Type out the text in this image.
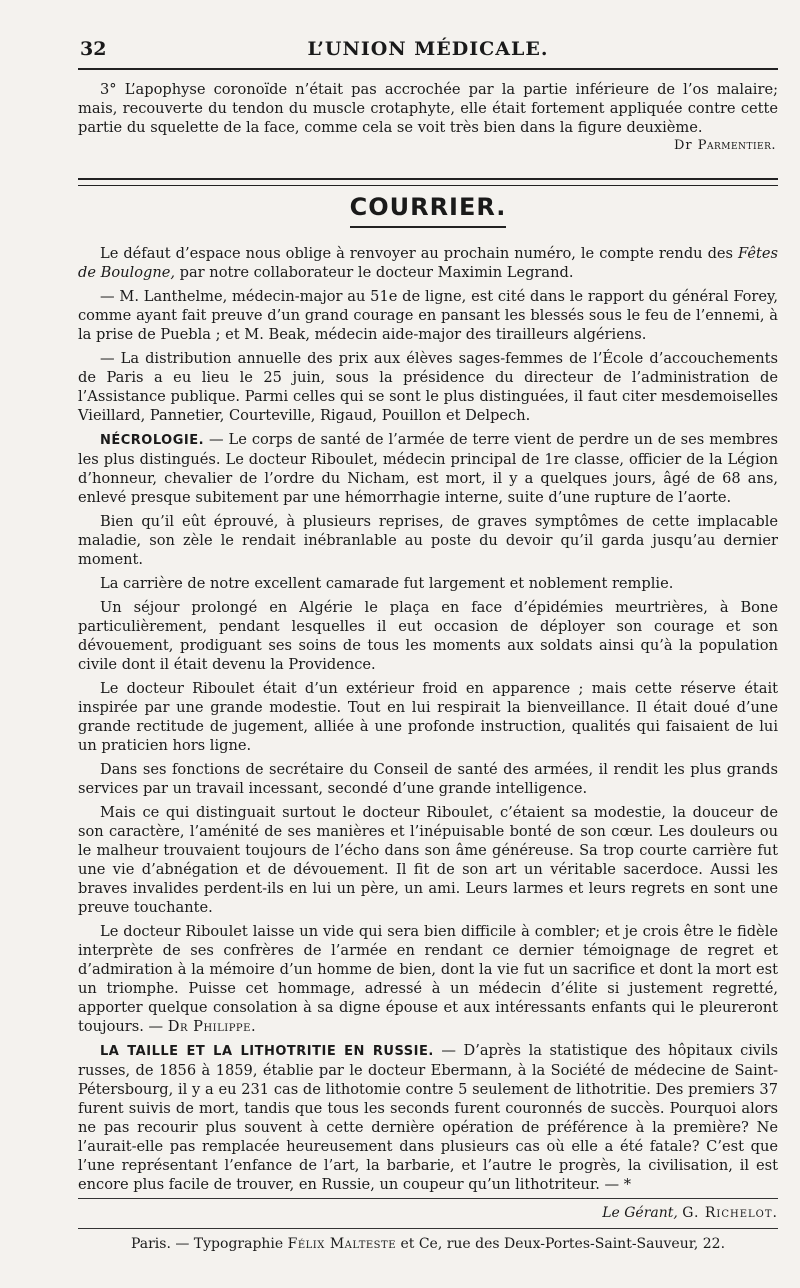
32	L’UNION MÉDICALE.

3° L’apophyse coronoïde n’était pas accrochée par la partie inférieure de l’os malaire; mais, recouverte du tendon du muscle crotaphyte, elle était fortement appliquée contre cette partie du squelette de la face, comme cela se voit très bien dans la figure deuxième.

Dr Parmentier.
COURRIER.

Le défaut d’espace nous oblige à renvoyer au prochain numéro, le compte rendu des Fêtes de Boulogne, par notre collaborateur le docteur Maximin Legrand.

— M. Lanthelme, médecin-major au 51e de ligne, est cité dans le rapport du général Forey, comme ayant fait preuve d’un grand courage en pansant les blessés sous le feu de l’ennemi, à la prise de Puebla ; et M. Beak, médecin aide-major des tirailleurs algériens.

— La distribution annuelle des prix aux élèves sages-femmes de l’École d’accouchements de Paris a eu lieu le 25 juin, sous la présidence du directeur de l’administration de l’Assistance publique. Parmi celles qui se sont le plus distinguées, il faut citer mesdemoiselles Vieillard, Pannetier, Courteville, Rigaud, Pouillon et Delpech.

NÉCROLOGIE. — Le corps de santé de l’armée de terre vient de perdre un de ses membres les plus distingués. Le docteur Riboulet, médecin principal de 1re classe, officier de la Légion d’honneur, chevalier de l’ordre du Nicham, est mort, il y a quelques jours, âgé de 68 ans, enlevé presque subitement par une hémorrhagie interne, suite d’une rupture de l’aorte.

Bien qu’il eût éprouvé, à plusieurs reprises, de graves symptômes de cette implacable maladie, son zèle le rendait inébranlable au poste du devoir qu’il garda jusqu’au dernier moment.

La carrière de notre excellent camarade fut largement et noblement remplie.

Un séjour prolongé en Algérie le plaça en face d’épidémies meurtrières, à Bone particulièrement, pendant lesquelles il eut occasion de déployer son courage et son dévouement, prodiguant ses soins de tous les moments aux soldats ainsi qu’à la population civile dont il était devenu la Providence.

Le docteur Riboulet était d’un extérieur froid en apparence ; mais cette réserve était inspirée par une grande modestie. Tout en lui respirait la bienveillance. Il était doué d’une grande rectitude de jugement, alliée à une profonde instruction, qualités qui faisaient de lui un praticien hors ligne.

Dans ses fonctions de secrétaire du Conseil de santé des armées, il rendit les plus grands services par un travail incessant, secondé d’une grande intelligence.

Mais ce qui distinguait surtout le docteur Riboulet, c’étaient sa modestie, la douceur de son caractère, l’aménité de ses manières et l’inépuisable bonté de son cœur. Les douleurs ou le malheur trouvaient toujours de l’écho dans son âme généreuse. Sa trop courte carrière fut une vie d’abnégation et de dévouement. Il fit de son art un véritable sacerdoce. Aussi les braves invalides perdent-ils en lui un père, un ami. Leurs larmes et leurs regrets en sont une preuve touchante.

Le docteur Riboulet laisse un vide qui sera bien difficile à combler; et je crois être le fidèle interprète de ses confrères de l’armée en rendant ce dernier témoignage de regret et d’admiration à la mémoire d’un homme de bien, dont la vie fut un sacrifice et dont la mort est un triomphe. Puisse cet hommage, adressé à un médecin d’élite si justement regretté, apporter quelque consolation à sa digne épouse et aux intéressants enfants qui le pleureront toujours. — Dr Philippe.

LA TAILLE ET LA LITHOTRITIE EN RUSSIE. — D’après la statistique des hôpitaux civils russes, de 1856 à 1859, établie par le docteur Ebermann, à la Société de médecine de Saint-Pétersbourg, il y a eu 231 cas de lithotomie contre 5 seulement de lithotritie. Des premiers 37 furent suivis de mort, tandis que tous les seconds furent couronnés de succès. Pourquoi alors ne pas recourir plus souvent à cette dernière opération de préférence à la première? Ne l’aurait-elle pas remplacée heureusement dans plusieurs cas où elle a été fatale? C’est que l’une représentant l’enfance de l’art, la barbarie, et l’autre le progrès, la civilisation, il est encore plus facile de trouver, en Russie, un coupeur qu’un lithotriteur. — *

Le Gérant, G. Richelot.
Paris. — Typographie Félix Malteste et Ce, rue des Deux-Portes-Saint-Sauveur, 22.
